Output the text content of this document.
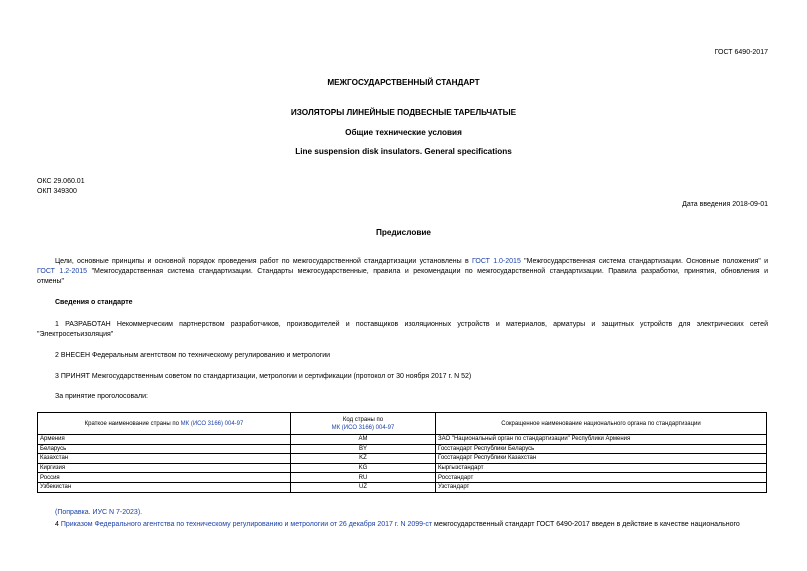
ГОСТ 6490-2017
МЕЖГОСУДАРСТВЕННЫЙ СТАНДАРТ
ИЗОЛЯТОРЫ ЛИНЕЙНЫЕ ПОДВЕСНЫЕ ТАРЕЛЬЧАТЫЕ
Общие технические условия
Line suspension disk insulators. General specifications
ОКС 29.060.01
ОКП 349300
Дата введения 2018-09-01
Предисловие
Цели, основные принципы и основной порядок проведения работ по межгосударственной стандартизации установлены в ГОСТ 1.0-2015 "Межгосударственная система стандартизации. Основные положения" и
ГОСТ 1.2-2015 "Межгосударственная система стандартизации. Стандарты межгосударственные, правила и рекомендации по межгосударственной стандартизации. Правила разработки, принятия, обновления и
отмены"
Сведения о стандарте
1 РАЗРАБОТАН Некоммерческим партнерством разработчиков, производителей и поставщиков изоляционных устройств и материалов, арматуры и защитных устройств для электрических сетей
"Электросетьизоляция"
2 ВНЕСЕН Федеральным агентством по техническому регулированию и метрологии
3 ПРИНЯТ Межгосударственным советом по стандартизации, метрологии и сертификации (протокол от 30 ноября 2017 г. N 52)
За принятие проголосовали:
Краткое наименование страны по МК (ИСО 3166) 004-97	Код страны по
МК (ИСО 3166) 004-97	Сокращенное наименование национального органа по стандартизации
Армения	AM	ЗАО "Национальный орган по стандартизации" Республики Армения
Беларусь	BY	Госстандарт Республики Беларусь
Казахстан	KZ	Госстандарт Республики Казахстан
Киргизия	KG	Кыргызстандарт
Россия	RU	Росстандарт
Узбекистан	UZ	Узстандарт
(Поправка. ИУС N 7-2023).
4 Приказом Федерального агентства по техническому регулированию и метрологии от 26 декабря 2017 г. N 2099-ст межгосударственный стандарт ГОСТ 6490-2017 введен в действие в качестве национального
